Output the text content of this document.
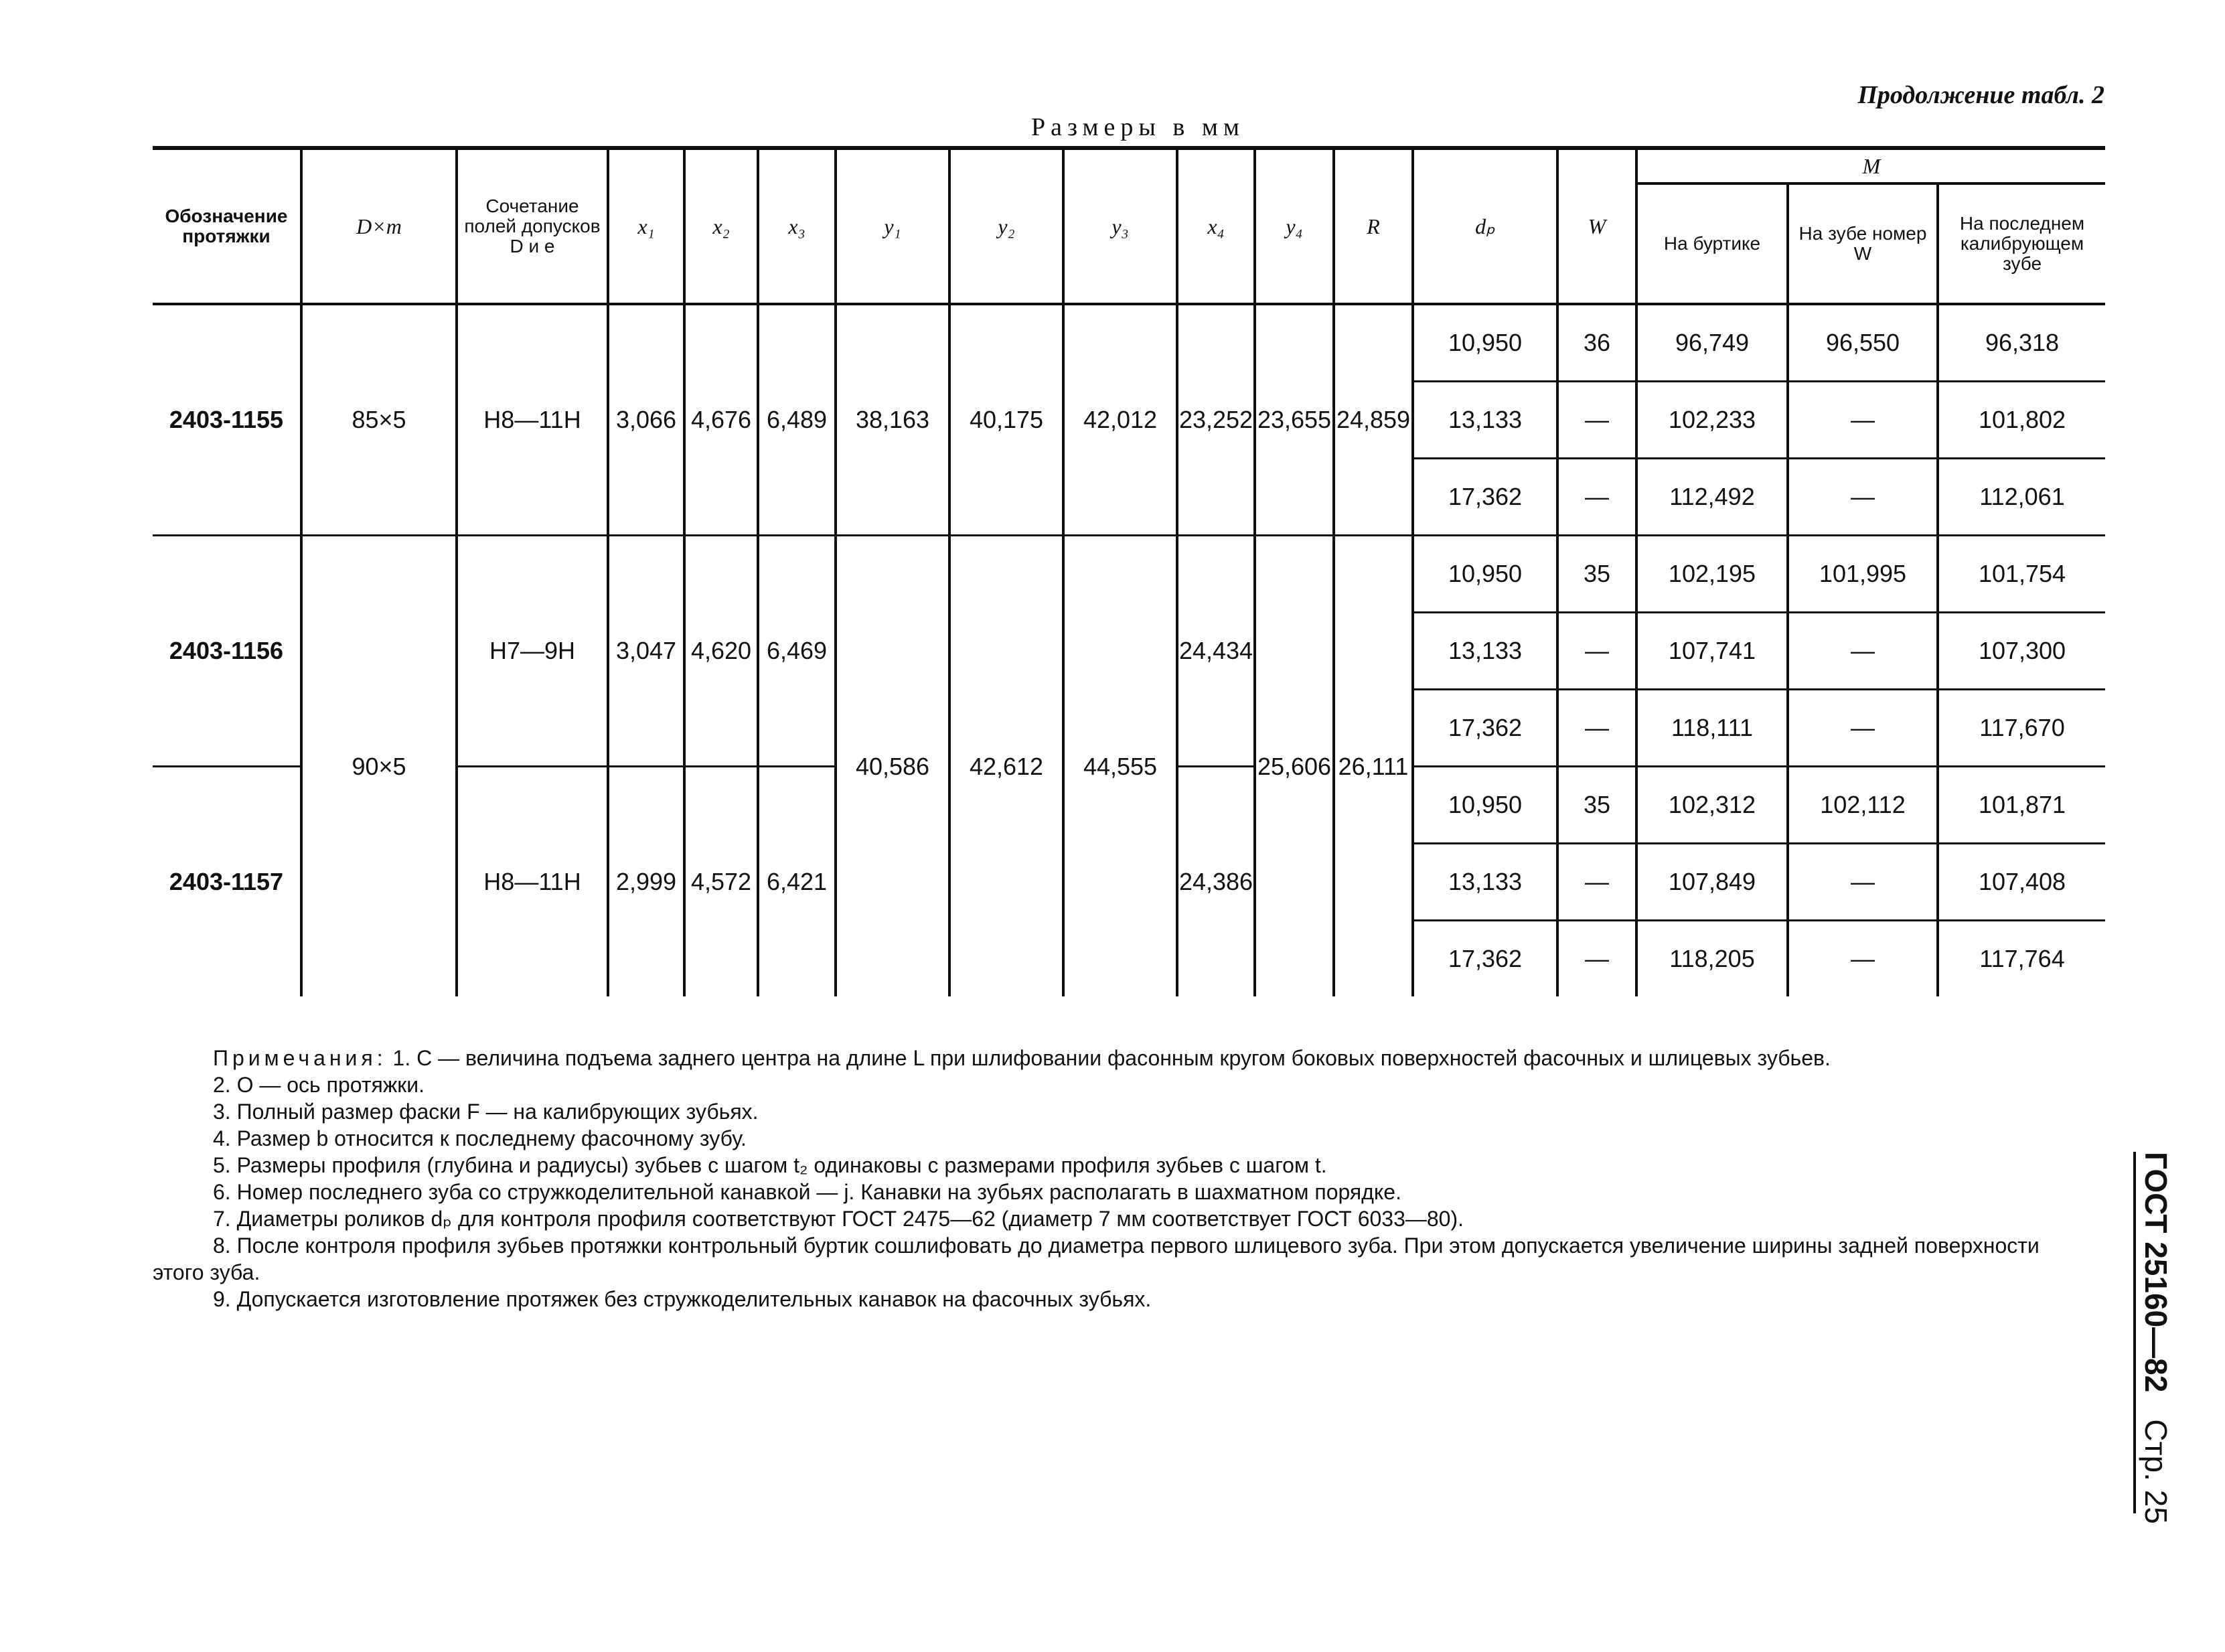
Продолжение табл. 2
Размеры в мм
Обозначение протяжки	D×m	Сочетание полей допусков D и e	x₁	x₂	x₃	y₁	y₂	y₃	x₄	y₄	R	dₚ	W	M		
														На буртике	На зубе номер W	На последнем калибрующем зубе
2403-1155	85×5	H8—11H	3,066	4,676	6,489	38,163	40,175	42,012	23,252	23,655	24,859	10,950	36	96,749	96,550	96,318
												13,133	—	102,233	—	101,802
												17,362	—	112,492	—	112,061
2403-1156	90×5	H7—9H	3,047	4,620	6,469	40,586	42,612	44,555	24,434	25,606	26,111	10,950	35	102,195	101,995	101,754
												13,133	—	107,741	—	107,300
												17,362	—	118,111	—	117,670
2403-1157		H8—11H	2,999	4,572	6,421				24,386			10,950	35	102,312	102,112	101,871
												13,133	—	107,849	—	107,408
												17,362	—	118,205	—	117,764

Примечания: 1. C — величина подъема заднего центра на длине L при шлифовании фасонным кругом боковых поверхностей фасочных и шлицевых зубьев.

2. O — ось протяжки.

3. Полный размер фаски F — на калибрующих зубьях.

4. Размер b относится к последнему фасочному зубу.

5. Размеры профиля (глубина и радиусы) зубьев с шагом t₂ одинаковы с размерами профиля зубьев с шагом t.

6. Номер последнего зуба со стружкоделительной канавкой — j. Канавки на зубьях располагать в шахматном порядке.

7. Диаметры роликов dₚ для контроля профиля соответствуют ГОСТ 2475—62 (диаметр 7 мм соответствует ГОСТ 6033—80).

8. После контроля профиля зубьев протяжки контрольный буртик сошлифовать до диаметра первого шлицевого зуба. При этом допускается увеличение ширины задней поверхности этого зуба.

9. Допускается изготовление протяжек без стружкоделительных канавок на фасочных зубьях.	ГОСТ 25160—82Стр. 25
